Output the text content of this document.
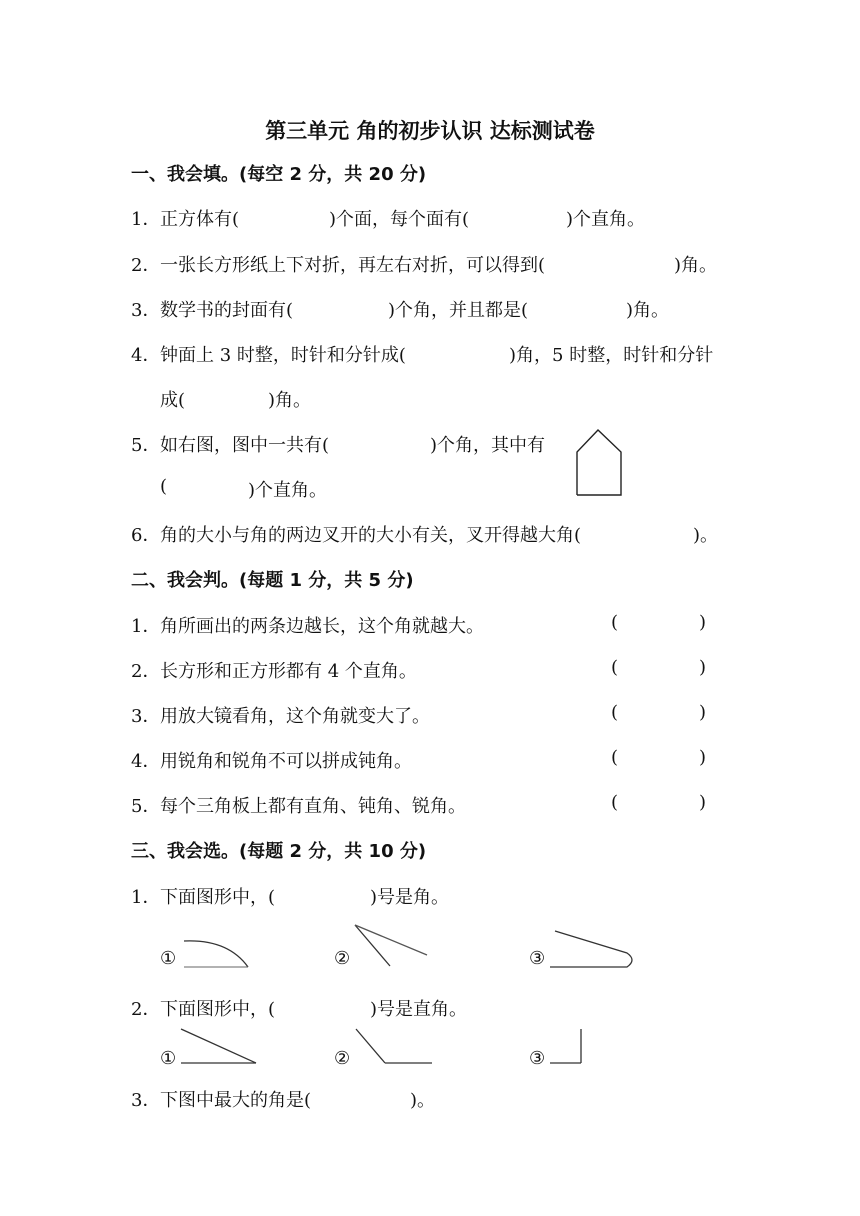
第三单元 角的初步认识 达标测试卷
一、我会填。(每空 2 分，共 20 分)
1． 正方体有(	)个面，每个面有(	)个直角。
2． 一张长方形纸上下对折，再左右对折，可以得到(	)角。
3． 数学书的封面有(	)个角，并且都是(	)角。
4． 钟面上 3 时整，时针和分针成(	)角，5 时整，时针和分针
成(	)角。
5． 如右图，图中一共有(	)个角，其中有
(	)个直角。
6． 角的大小与角的两边叉开的大小有关，叉开得越大角(	)。
二、我会判。(每题 1 分，共 5 分)
1． 角所画出的两条边越长，这个角就越大。	(	)
2． 长方形和正方形都有 4 个直角。	(	)
3． 用放大镜看角，这个角就变大了。	(	)
4． 用锐角和锐角不可以拼成钝角。	(	)
5． 每个三角板上都有直角、钝角、锐角。	(	)
三、我会选。(每题 2 分，共 10 分)
1． 下面图形中，(	)号是角。
①	②	③
2． 下面图形中，(	)号是直角。
①	②	③
3． 下图中最大的角是(	)。
